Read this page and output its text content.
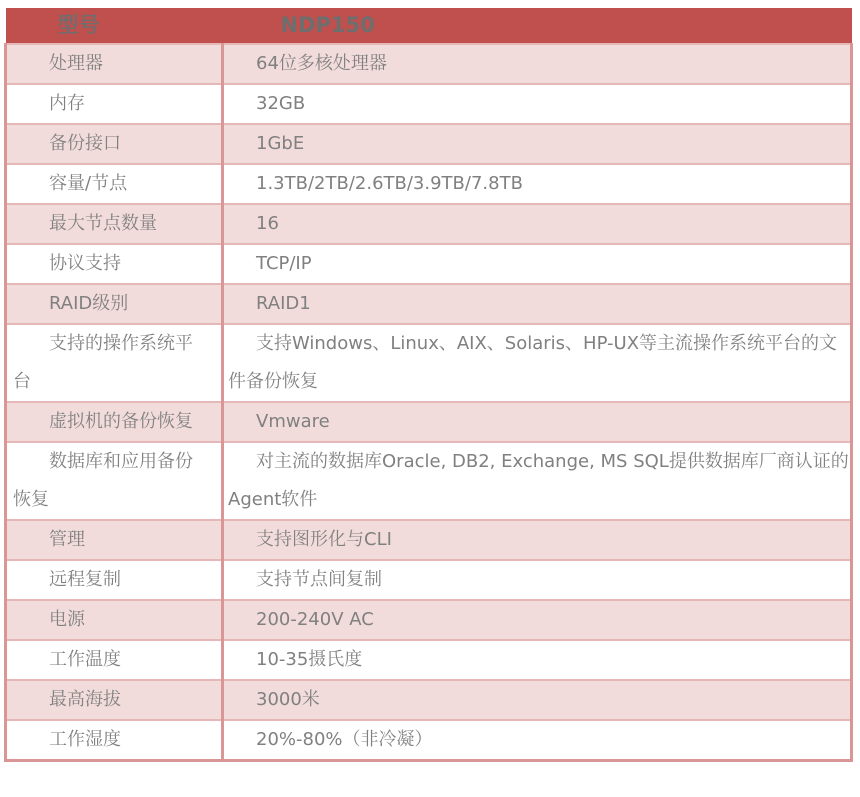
型号	NDP150
处理器	64位多核处理器
内存	32GB
备份接口	1GbE
容量/节点	1.3TB/2TB/2.6TB/3.9TB/7.8TB
最大节点数量	16
协议支持	TCP/IP
RAID级别	RAID1
支持的操作系统平台	支持Windows、Linux、AIX、Solaris、HP-UX等主流操作系统平台的文件备份恢复
虚拟机的备份恢复	Vmware
数据库和应用备份恢复	对主流的数据库Oracle, DB2, Exchange, MS SQL提供数据库厂商认证的Agent软件
管理	支持图形化与CLI
远程复制	支持节点间复制
电源	200-240V AC
工作温度	10-35摄氏度
最高海拔	3000米
工作湿度	20%-80%（非冷凝）
